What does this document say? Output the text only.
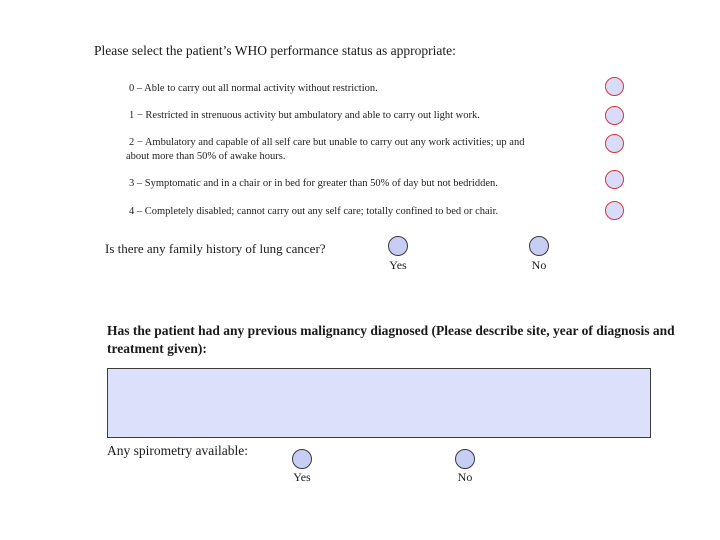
Please select the patient’s WHO performance status as appropriate:
0 – Able to carry out all normal activity without restriction.
1 − Restricted in strenuous activity but ambulatory and able to carry out light work.
2 − Ambulatory and capable of all self care but unable to carry out any work activities; up and
about more than 50% of awake hours.
3 – Symptomatic and in a chair or in bed for greater than 50% of day but not bedridden.
4 – Completely disabled; cannot carry out any self care; totally confined to bed or chair.
Is there any family history of lung cancer?
Yes	No
Has the patient had any previous malignancy diagnosed (Please describe site, year of diagnosis and
treatment given):
Any spirometry available:
Yes	No
